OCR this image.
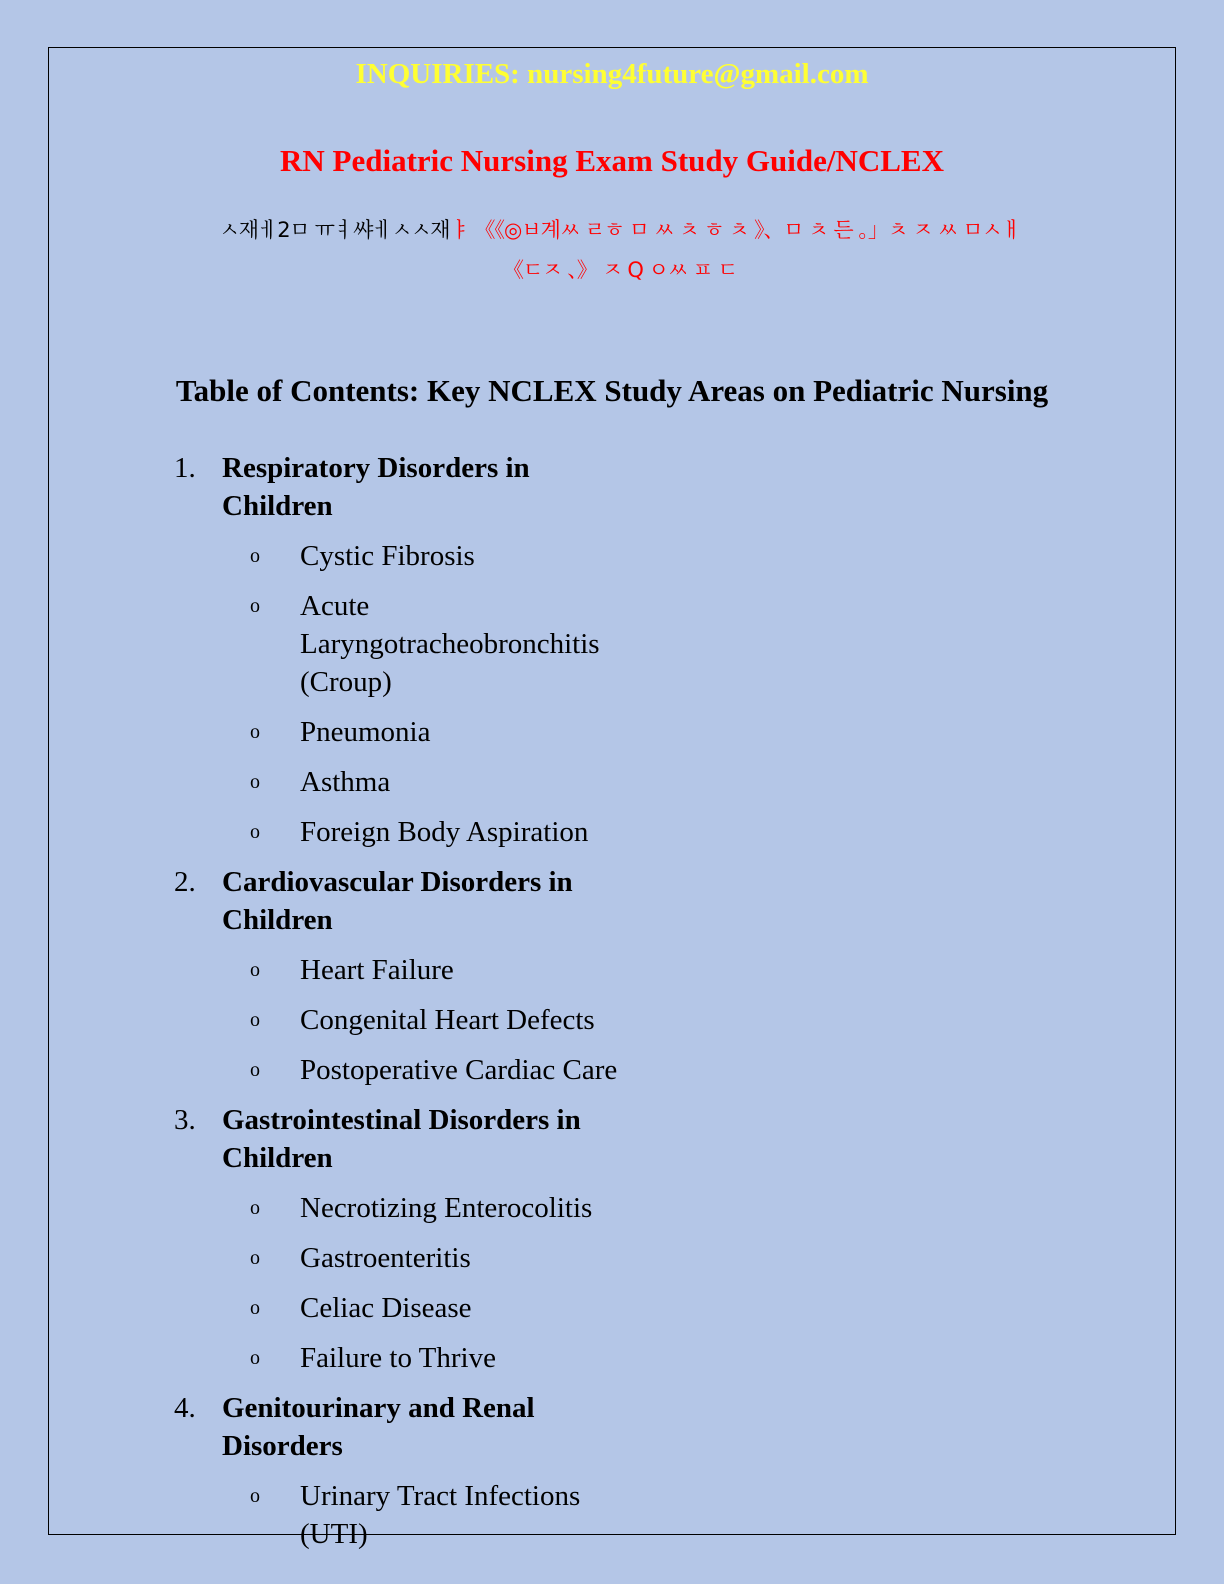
INQUIRIES: nursing4future@gmail.com
RN Pediatric Nursing Exam Study Guide/NCLEX
ㅅ재ㅔ2ㅁ ㅠㅕ쌰ㅔㅅㅅ재ㅑ 《《◎ㅂ계ㅆ ㄹㅎ ㅁ ㅆ ㅊ ㅎ ㅊ 》、ㅁ ㅊ 든 。」ㅊ ㅈ ㅆ ㅁㅅㅐ 《ㄷㅈ 、》 ㅈ Q ㅇㅆ ㅍ ㄷ
Table of Contents: Key NCLEX Study Areas on Pediatric Nursing
1. Respiratory Disorders in Children
o Cystic Fibrosis
o Acute Laryngotracheobronchitis (Croup)
o Pneumonia
o Asthma
o Foreign Body Aspiration
2. Cardiovascular Disorders in Children
o Heart Failure
o Congenital Heart Defects
o Postoperative Cardiac Care
3. Gastrointestinal Disorders in Children
o Necrotizing Enterocolitis
o Gastroenteritis
o Celiac Disease
o Failure to Thrive
4. Genitourinary and Renal Disorders
o Urinary Tract Infections (UTI)
